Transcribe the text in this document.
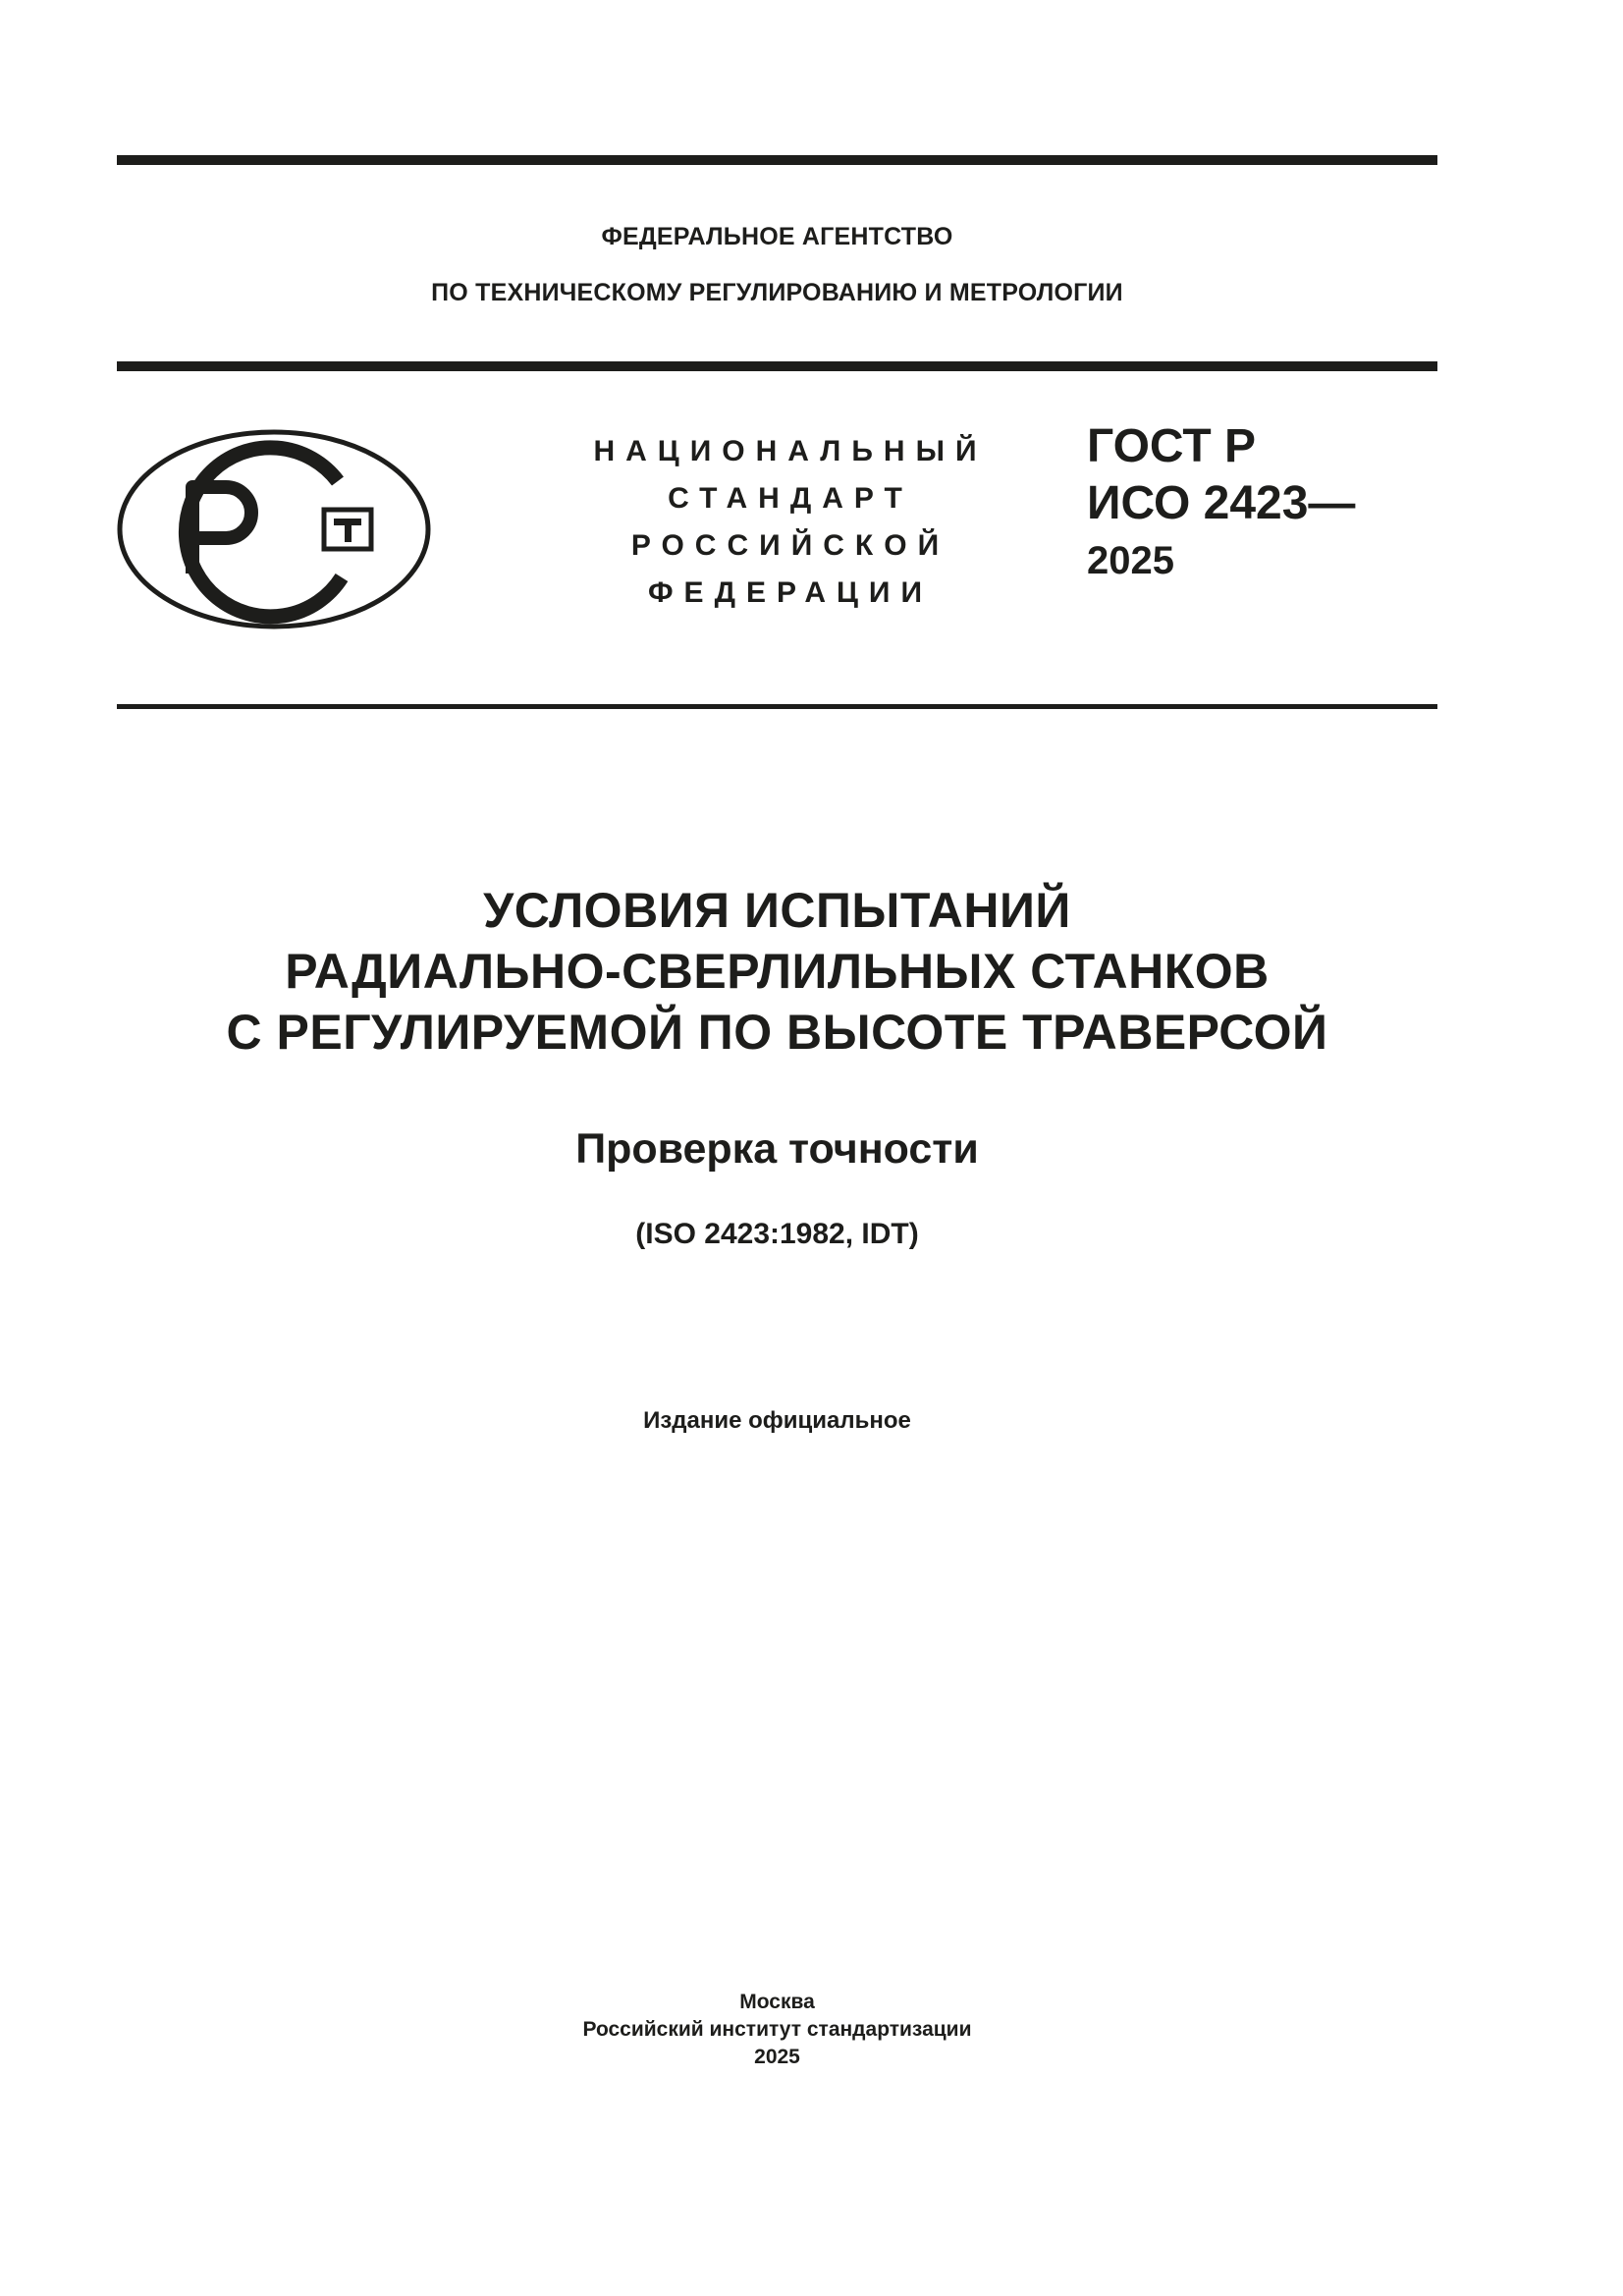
ФЕДЕРАЛЬНОЕ АГЕНТСТВО
ПО ТЕХНИЧЕСКОМУ РЕГУЛИРОВАНИЮ И МЕТРОЛОГИИ
НАЦИОНАЛЬНЫЙ
СТАНДАРТ
РОССИЙСКОЙ
ФЕДЕРАЦИИ
ГОСТ Р
ИСО 2423—
2025
УСЛОВИЯ ИСПЫТАНИЙ
РАДИАЛЬНО-СВЕРЛИЛЬНЫХ СТАНКОВ
С РЕГУЛИРУЕМОЙ ПО ВЫСОТЕ ТРАВЕРСОЙ
Проверка точности
(ISO 2423:1982, IDT)
Издание официальное
Москва
Российский институт стандартизации
2025
